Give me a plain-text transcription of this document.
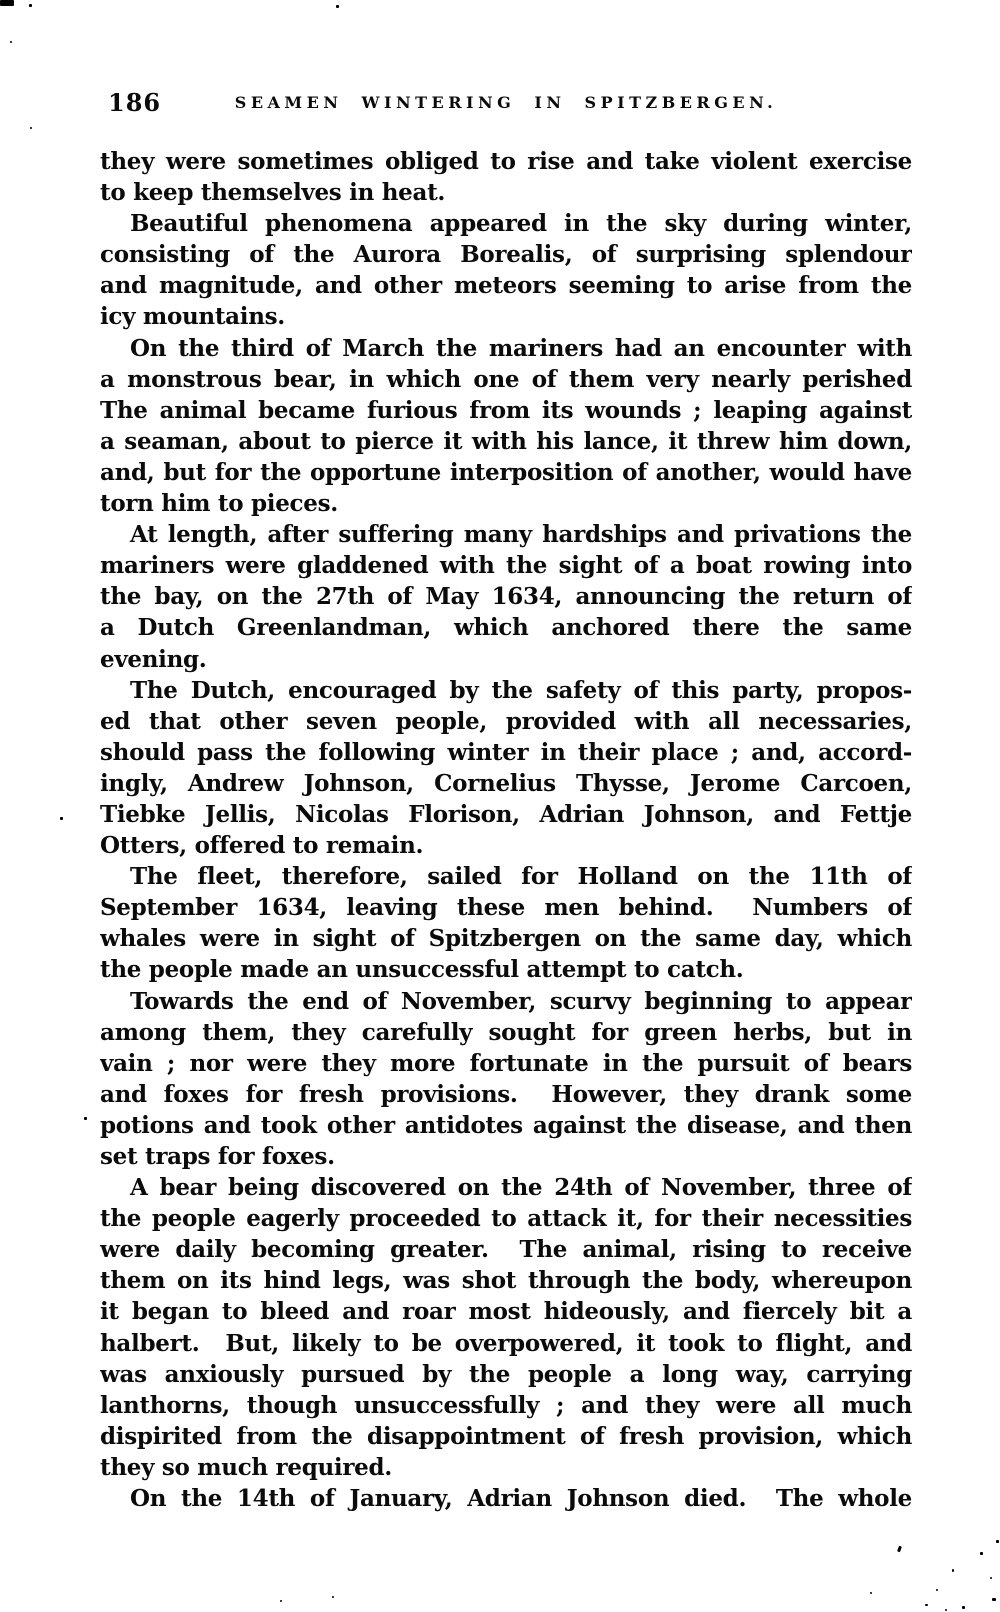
186	SEAMEN WINTERING IN SPITZBERGEN.
they were sometimes obliged to rise and take violent exercise
to keep themselves in heat.
Beautiful phenomena appeared in the sky during winter,
consisting of the Aurora Borealis, of surprising splendour
and magnitude, and other meteors seeming to arise from the
icy mountains.
On the third of March the mariners had an encounter with
a monstrous bear, in which one of them very nearly perished
The animal became furious from its wounds ; leaping against
a seaman, about to pierce it with his lance, it threw him down,
and, but for the opportune interposition of another, would have
torn him to pieces.
At length, after suffering many hardships and privations the
mariners were gladdened with the sight of a boat rowing into
the bay, on the 27th of May 1634, announcing the return of
a Dutch Greenlandman, which anchored there the same
evening.
The Dutch, encouraged by the safety of this party, propos-
ed that other seven people, provided with all necessaries,
should pass the following winter in their place ; and, accord-
ingly, Andrew Johnson, Cornelius Thysse, Jerome Carcoen,
Tiebke Jellis, Nicolas Florison, Adrian Johnson, and Fettje
Otters, offered to remain.
The fleet, therefore, sailed for Holland on the 11th of
September 1634, leaving these men behind.  Numbers of
whales were in sight of Spitzbergen on the same day, which
the people made an unsuccessful attempt to catch.
Towards the end of November, scurvy beginning to appear
among them, they carefully sought for green herbs, but in
vain ; nor were they more fortunate in the pursuit of bears
and foxes for fresh provisions.  However, they drank some
potions and took other antidotes against the disease, and then
set traps for foxes.
A bear being discovered on the 24th of November, three of
the people eagerly proceeded to attack it, for their necessities
were daily becoming greater.  The animal, rising to receive
them on its hind legs, was shot through the body, whereupon
it began to bleed and roar most hideously, and fiercely bit a
halbert.  But, likely to be overpowered, it took to flight, and
was anxiously pursued by the people a long way, carrying
lanthorns, though unsuccessfully ; and they were all much
dispirited from the disappointment of fresh provision, which
they so much required.
On the 14th of January, Adrian Johnson died.  The whole
